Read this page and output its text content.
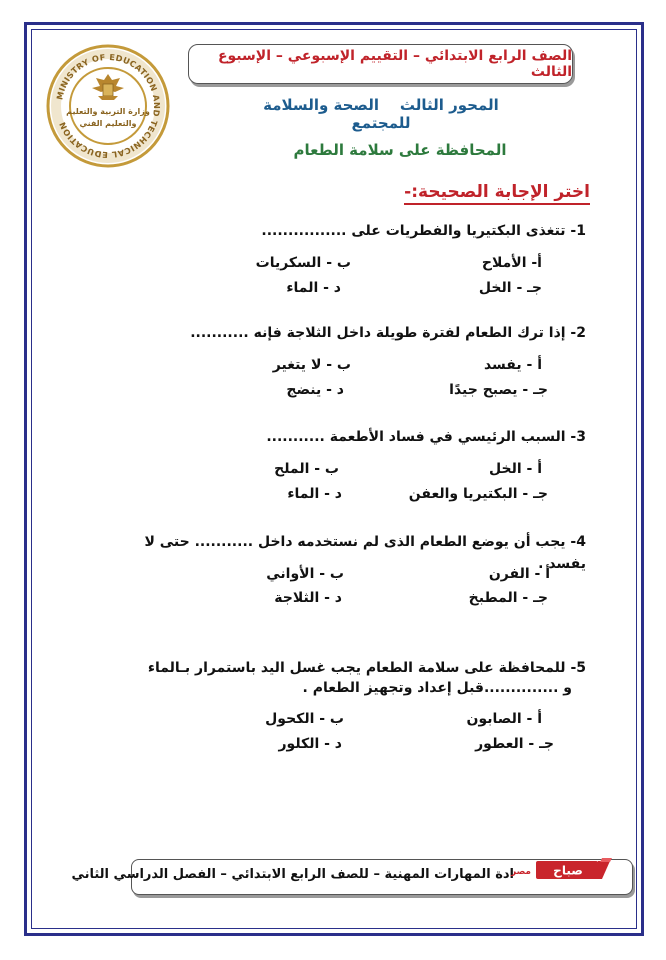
MINISTRY OF EDUCATION AND TECHNICAL EDUCATION
وزارة التربية والتعليم
والتعليم الفني
الصف الرابع الابتدائي – التقييم الإسبوعي – الإسبوع الثالث
المحور الثالث    الصحة والسلامة للمجتمع
المحافظة على سلامة الطعام
اختر الإجابة الصحيحة:-
1- تتغذى البكتيريا والفطريات على ................
أ- الأملاح
ب - السكريات
جـ - الخل
د - الماء
2- إذا ترك الطعام لفترة طويلة داخل الثلاجة فإنه ...........
أ - يفسد
ب - لا يتغير
جـ - يصبح جيدًا
د - ينضج
3- السبب الرئيسي في فساد الأطعمة ...........
أ - الخل
ب - الملح
جـ - البكتيريا والعفن
د - الماء
4- يجب أن يوضع الطعام الذى لم نستخدمه داخل ........... حتى لا يفسد .
أ - الفرن
ب - الأواني
جـ - المطبخ
د - الثلاجة
5- للمحافظة على سلامة الطعام يجب غسل اليد باستمرار بـالماء
و ..............قبل إعداد وتجهيز الطعام .
أ - الصابون
ب - الكحول
جـ - العطور
د - الكلور
ادة المهارات المهنية – للصف الرابع الابتدائي – الفصل الدراسي الثاني	صباح
مصر
